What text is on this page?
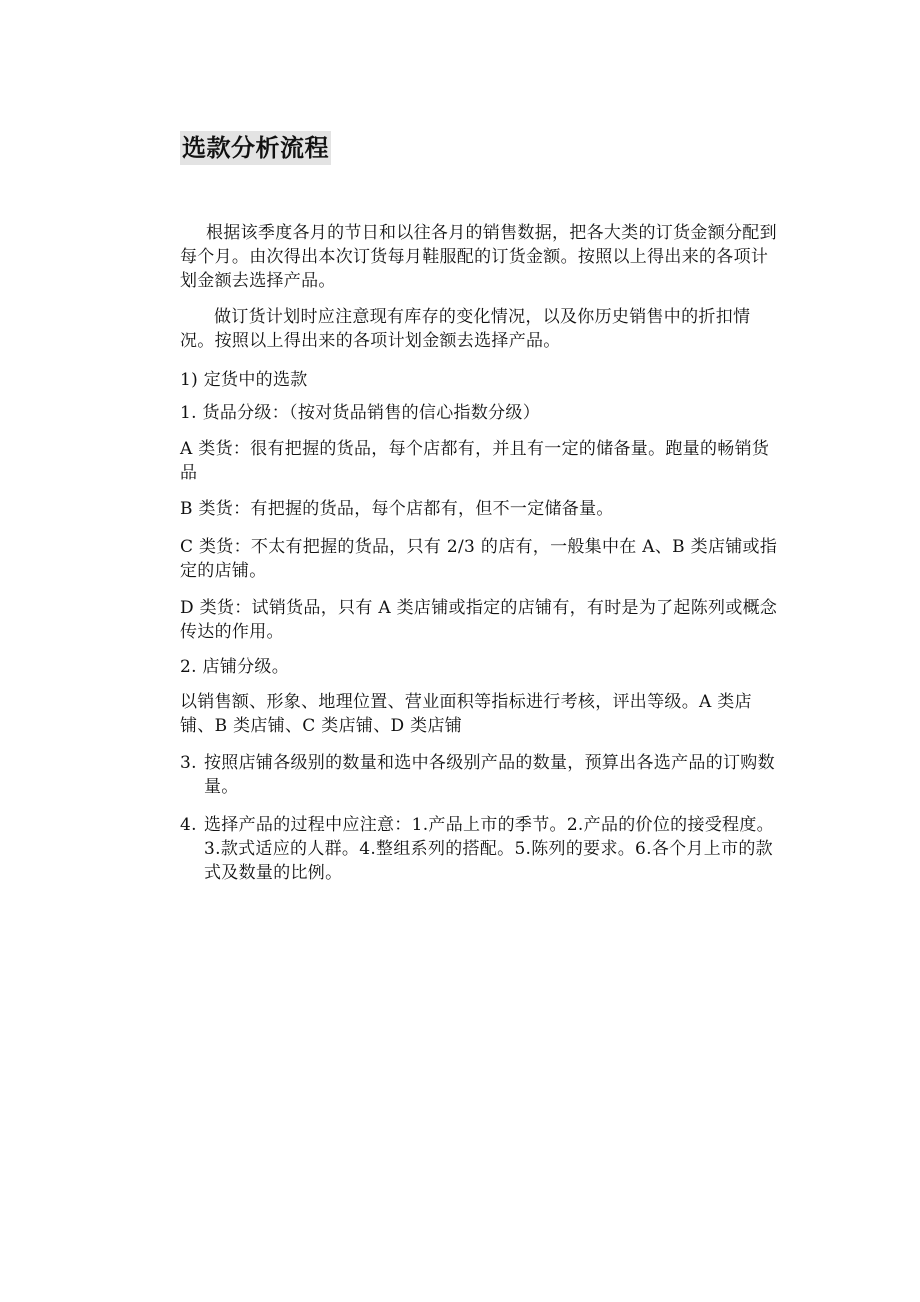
选款分析流程

根据该季度各月的节日和以往各月的销售数据，把各大类的订货金额分配到每个月。由次得出本次订货每月鞋服配的订货金额。按照以上得出来的各项计划金额去选择产品。

做订货计划时应注意现有库存的变化情况，以及你历史销售中的折扣情况。按照以上得出来的各项计划金额去选择产品。

1) 定货中的选款

1. 货品分级：（按对货品销售的信心指数分级）

A 类货：很有把握的货品，每个店都有，并且有一定的储备量。跑量的畅销货品

B 类货：有把握的货品，每个店都有，但不一定储备量。

C 类货：不太有把握的货品，只有 2/3 的店有，一般集中在 A、B 类店铺或指定的店铺。

D 类货：试销货品，只有 A 类店铺或指定的店铺有，有时是为了起陈列或概念传达的作用。

2. 店铺分级。

以销售额、形象、地理位置、营业面积等指标进行考核，评出等级。A 类店铺、B 类店铺、C 类店铺、D 类店铺

3. 按照店铺各级别的数量和选中各级别产品的数量，预算出各选产品的订购数量。
4. 选择产品的过程中应注意：1.产品上市的季节。2.产品的价位的接受程度。3.款式适应的人群。4.整组系列的搭配。5.陈列的要求。6.各个月上市的款式及数量的比例。
